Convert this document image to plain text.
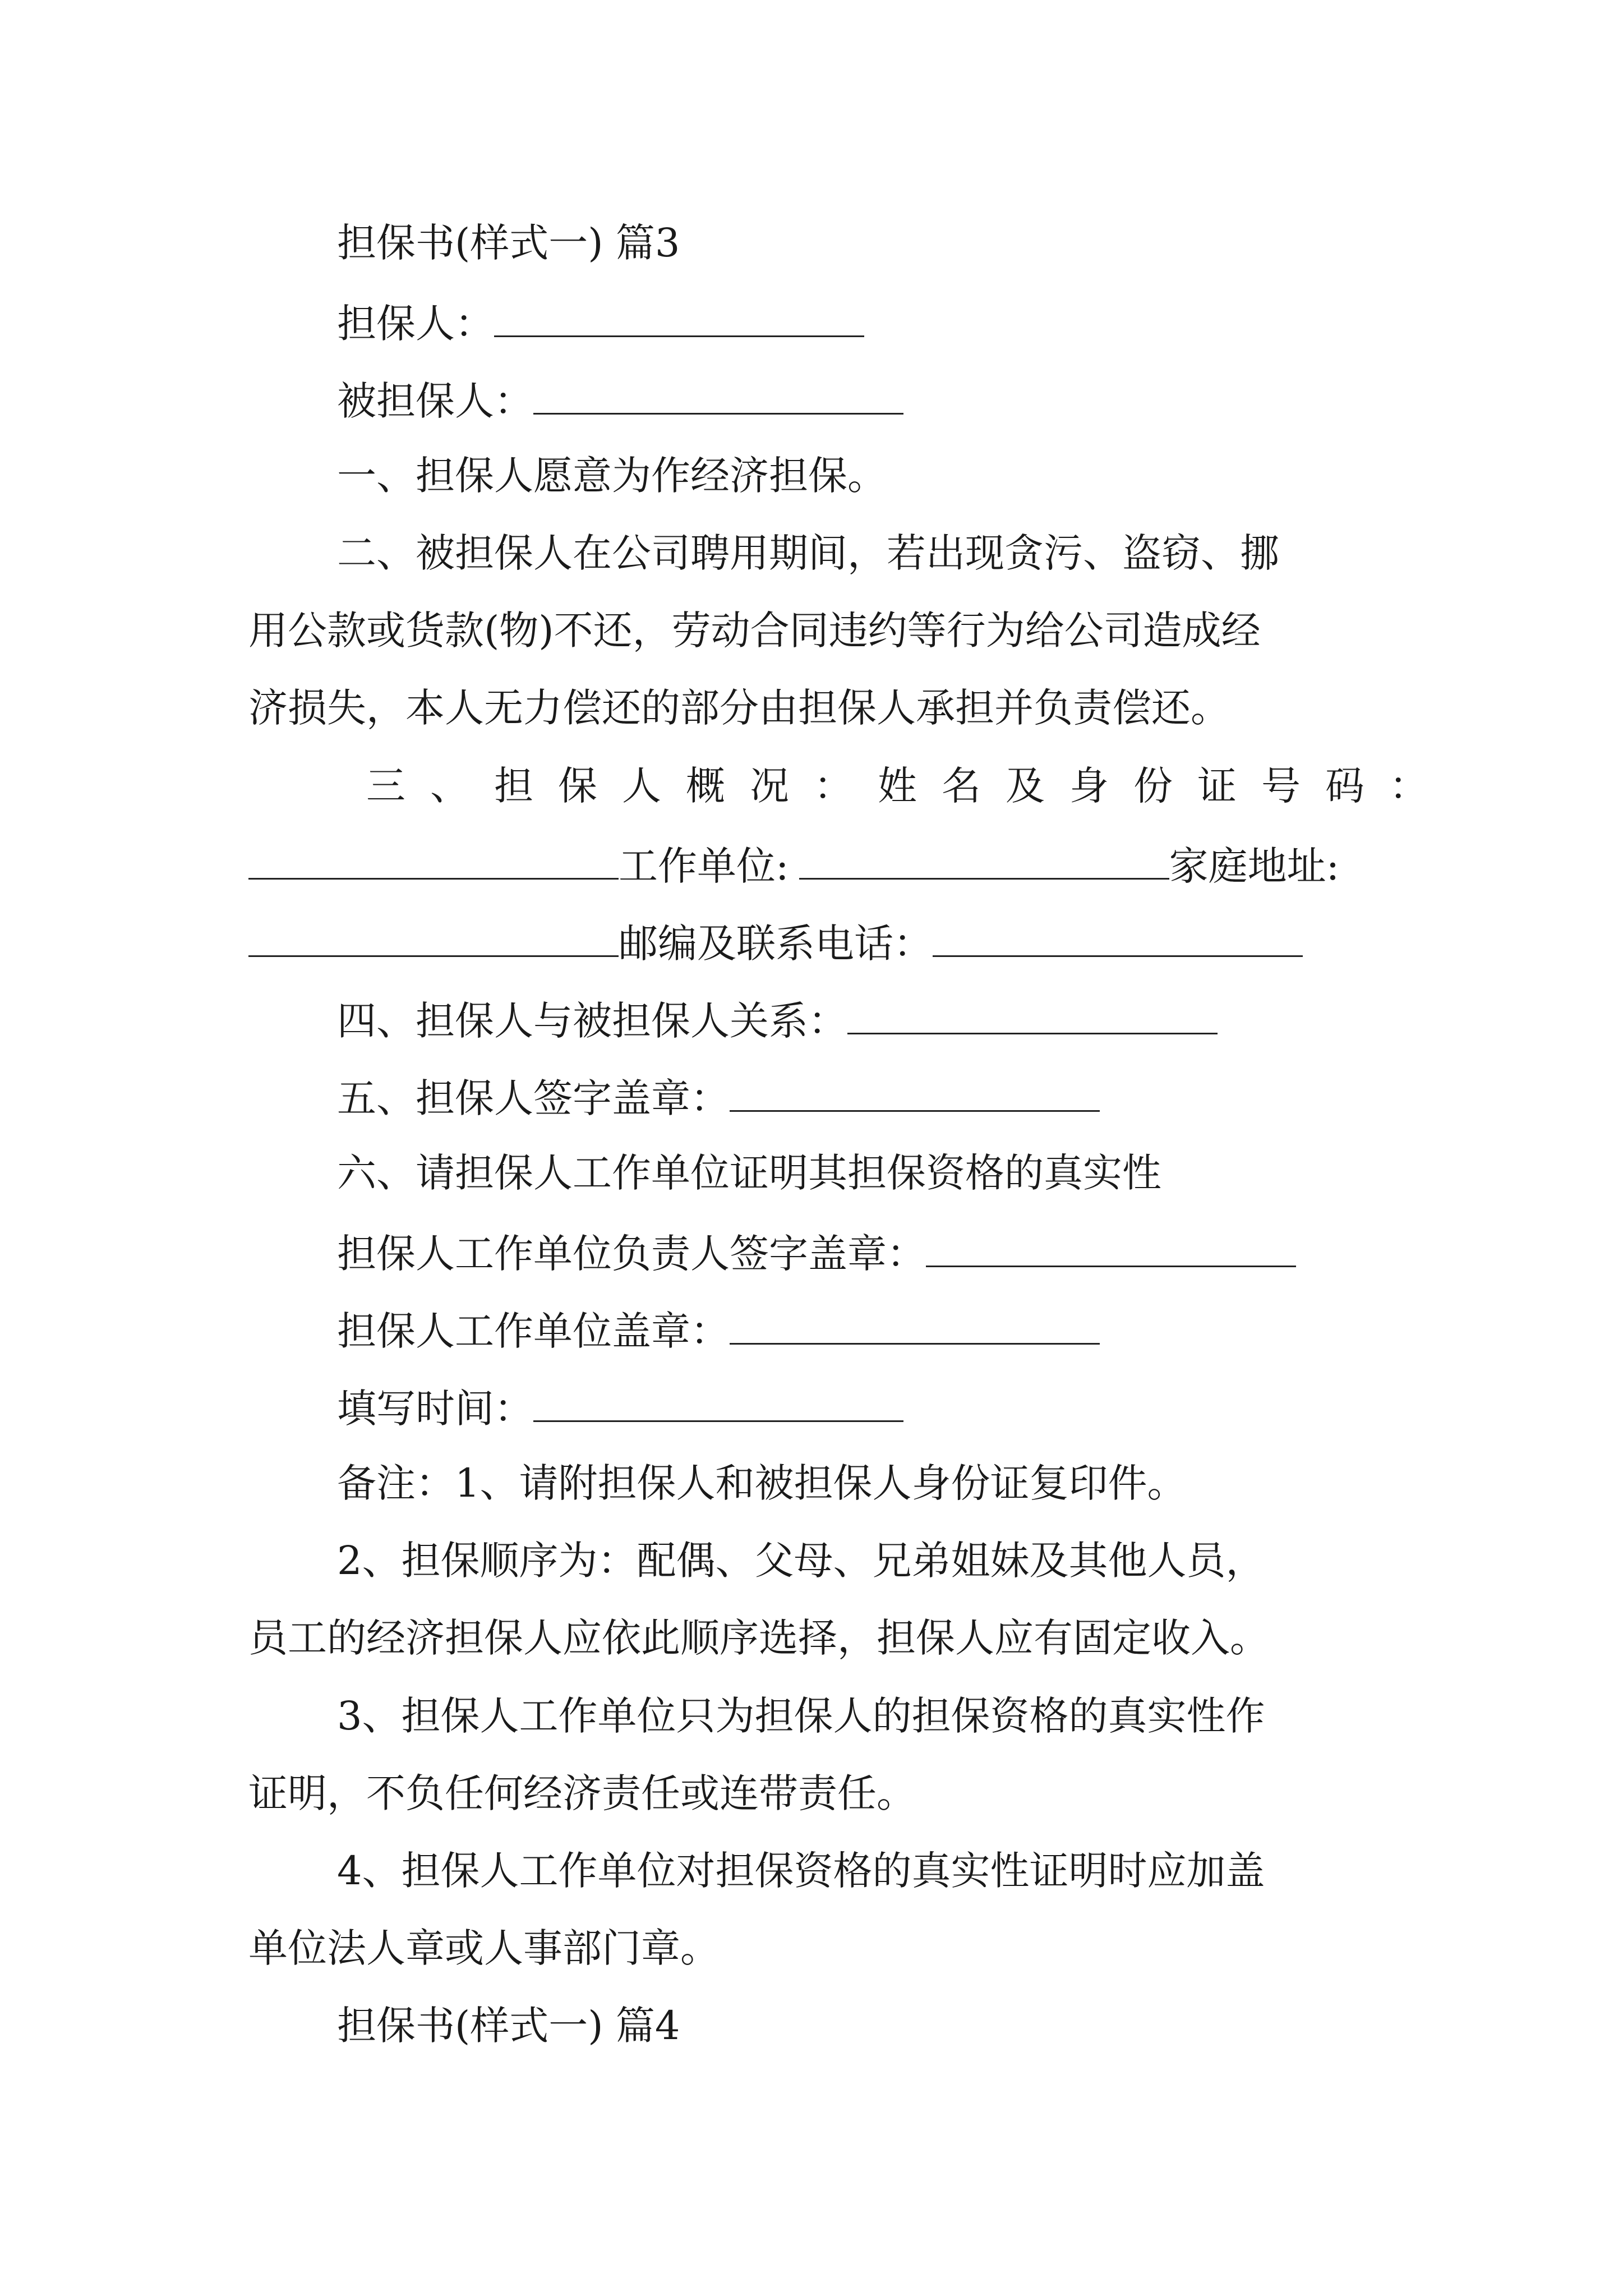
担保书(样式一) 篇3
担保人：
被担保人：
一、担保人愿意为作经济担保。
二、被担保人在公司聘用期间，若出现贪污、盗窃、挪
用公款或货款(物)不还，劳动合同违约等行为给公司造成经
济损失，本人无力偿还的部分由担保人承担并负责偿还。
三、担保人概况：姓名及身份证号码：
工作单位:	家庭地址:
邮编及联系电话：
四、担保人与被担保人关系：
五、担保人签字盖章：
六、请担保人工作单位证明其担保资格的真实性
担保人工作单位负责人签字盖章：
担保人工作单位盖章：
填写时间：
备注：1、请附担保人和被担保人身份证复印件。
2、担保顺序为：配偶、父母、兄弟姐妹及其他人员，
员工的经济担保人应依此顺序选择，担保人应有固定收入。
3、担保人工作单位只为担保人的担保资格的真实性作
证明，不负任何经济责任或连带责任。
4、担保人工作单位对担保资格的真实性证明时应加盖
单位法人章或人事部门章。
担保书(样式一) 篇4
